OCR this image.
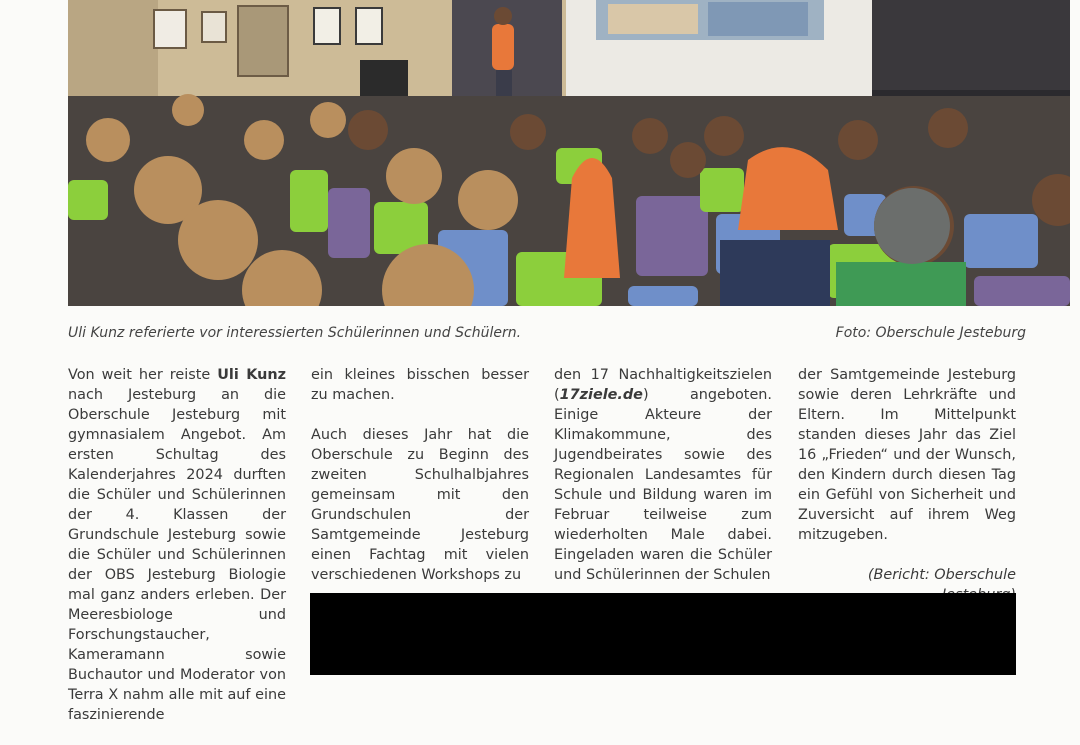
Uli Kunz referierte vor interessierten Schülerinnen und Schülern.	Foto: Oberschule Jesteburg

Von weit her reiste Uli Kunz nach Jesteburg an die Oberschule Jesteburg mit gymnasialem Angebot. Am ersten Schultag des Kalenderjahres 2024 durften die Schüler und Schülerinnen der 4. Klassen der Grundschule Jesteburg sowie die Schüler und Schülerinnen der OBS Jesteburg Biologie mal ganz anders erleben. Der Meeresbiologe und Forschungstaucher, Kameramann sowie Buchautor und Moderator von Terra X nahm alle mit auf eine faszinierende

ein kleines bisschen besser zu machen.

Auch dieses Jahr hat die Oberschule zu Beginn des zweiten Schulhalbjahres gemeinsam mit den Grundschulen der Samtgemeinde Jesteburg einen Fachtag mit vielen verschiedenen Workshops zu

den 17 Nachhaltigkeitszielen (17ziele.de) angeboten. Einige Akteure der Klimakommune, des Jugendbeirates sowie des Regionalen Landesamtes für Schule und Bildung waren im Februar teilweise zum wiederholten Male dabei. Eingeladen waren die Schüler und Schülerinnen der Schulen

der Samtgemeinde Jesteburg sowie deren Lehrkräfte und Eltern. Im Mittelpunkt standen dieses Jahr das Ziel 16 „Frieden“ und der Wunsch, den Kindern durch diesen Tag ein Gefühl von Sicherheit und Zuversicht auf ihrem Weg mitzugeben.

(Bericht: Oberschule
